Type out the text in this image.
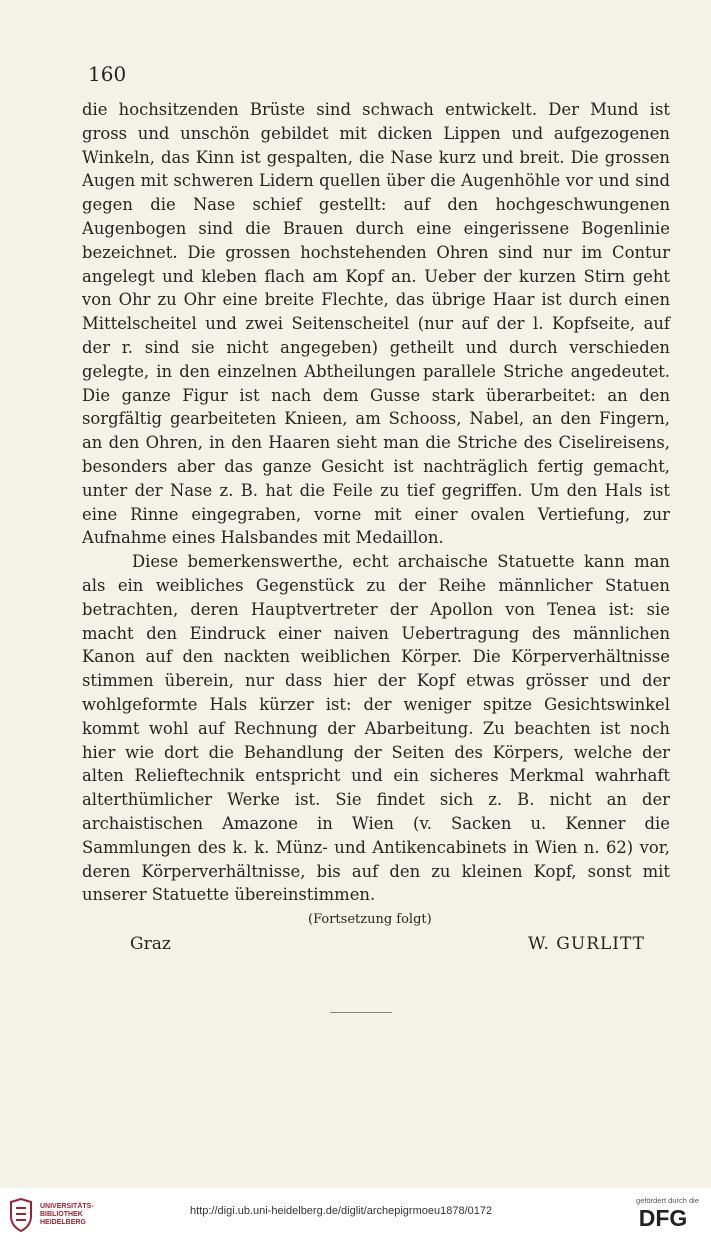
160

die hochsitzenden Brüste sind schwach entwickelt. Der Mund ist gross und unschön gebildet mit dicken Lippen und aufgezogenen Winkeln, das Kinn ist gespalten, die Nase kurz und breit. Die grossen Augen mit schweren Lidern quellen über die Augenhöhle vor und sind gegen die Nase schief gestellt: auf den hochgeschwungenen Augenbogen sind die Brauen durch eine eingerissene Bogenlinie bezeichnet. Die grossen hochstehenden Ohren sind nur im Contur angelegt und kleben flach am Kopf an. Ueber der kurzen Stirn geht von Ohr zu Ohr eine breite Flechte, das übrige Haar ist durch einen Mittelscheitel und zwei Seitenscheitel (nur auf der l. Kopfseite, auf der r. sind sie nicht angegeben) getheilt und durch verschieden gelegte, in den einzelnen Abtheilungen parallele Striche angedeutet. Die ganze Figur ist nach dem Gusse stark überarbeitet: an den sorgfältig gearbeiteten Knieen, am Schooss, Nabel, an den Fingern, an den Ohren, in den Haaren sieht man die Striche des Ciselireisens, besonders aber das ganze Gesicht ist nachträglich fertig gemacht, unter der Nase z. B. hat die Feile zu tief gegriffen. Um den Hals ist eine Rinne eingegraben, vorne mit einer ovalen Vertiefung, zur Aufnahme eines Halsbandes mit Medaillon.

Diese bemerkenswerthe, echt archaische Statuette kann man als ein weibliches Gegenstück zu der Reihe männlicher Statuen betrachten, deren Hauptvertreter der Apollon von Tenea ist: sie macht den Eindruck einer naiven Uebertragung des männlichen Kanon auf den nackten weiblichen Körper. Die Körperverhältnisse stimmen überein, nur dass hier der Kopf etwas grösser und der wohlgeformte Hals kürzer ist: der weniger spitze Gesichtswinkel kommt wohl auf Rechnung der Abarbeitung. Zu beachten ist noch hier wie dort die Behandlung der Seiten des Körpers, welche der alten Relieftechnik entspricht und ein sicheres Merkmal wahrhaft alterthümlicher Werke ist. Sie findet sich z. B. nicht an der archaistischen Amazone in Wien (v. Sacken u. Kenner die Sammlungen des k. k. Münz- und Antikencabinets in Wien n. 62) vor, deren Körperverhältnisse, bis auf den zu kleinen Kopf, sonst mit unserer Statuette übereinstimmen.

(Fortsetzung folgt)
Graz	W. GURLITT
UNIVERSITÄTS-
BIBLIOTHEK
HEIDELBERG
http://digi.ub.uni-heidelberg.de/diglit/archepigrmoeu1878/0172
gefördert durch die
DFG
